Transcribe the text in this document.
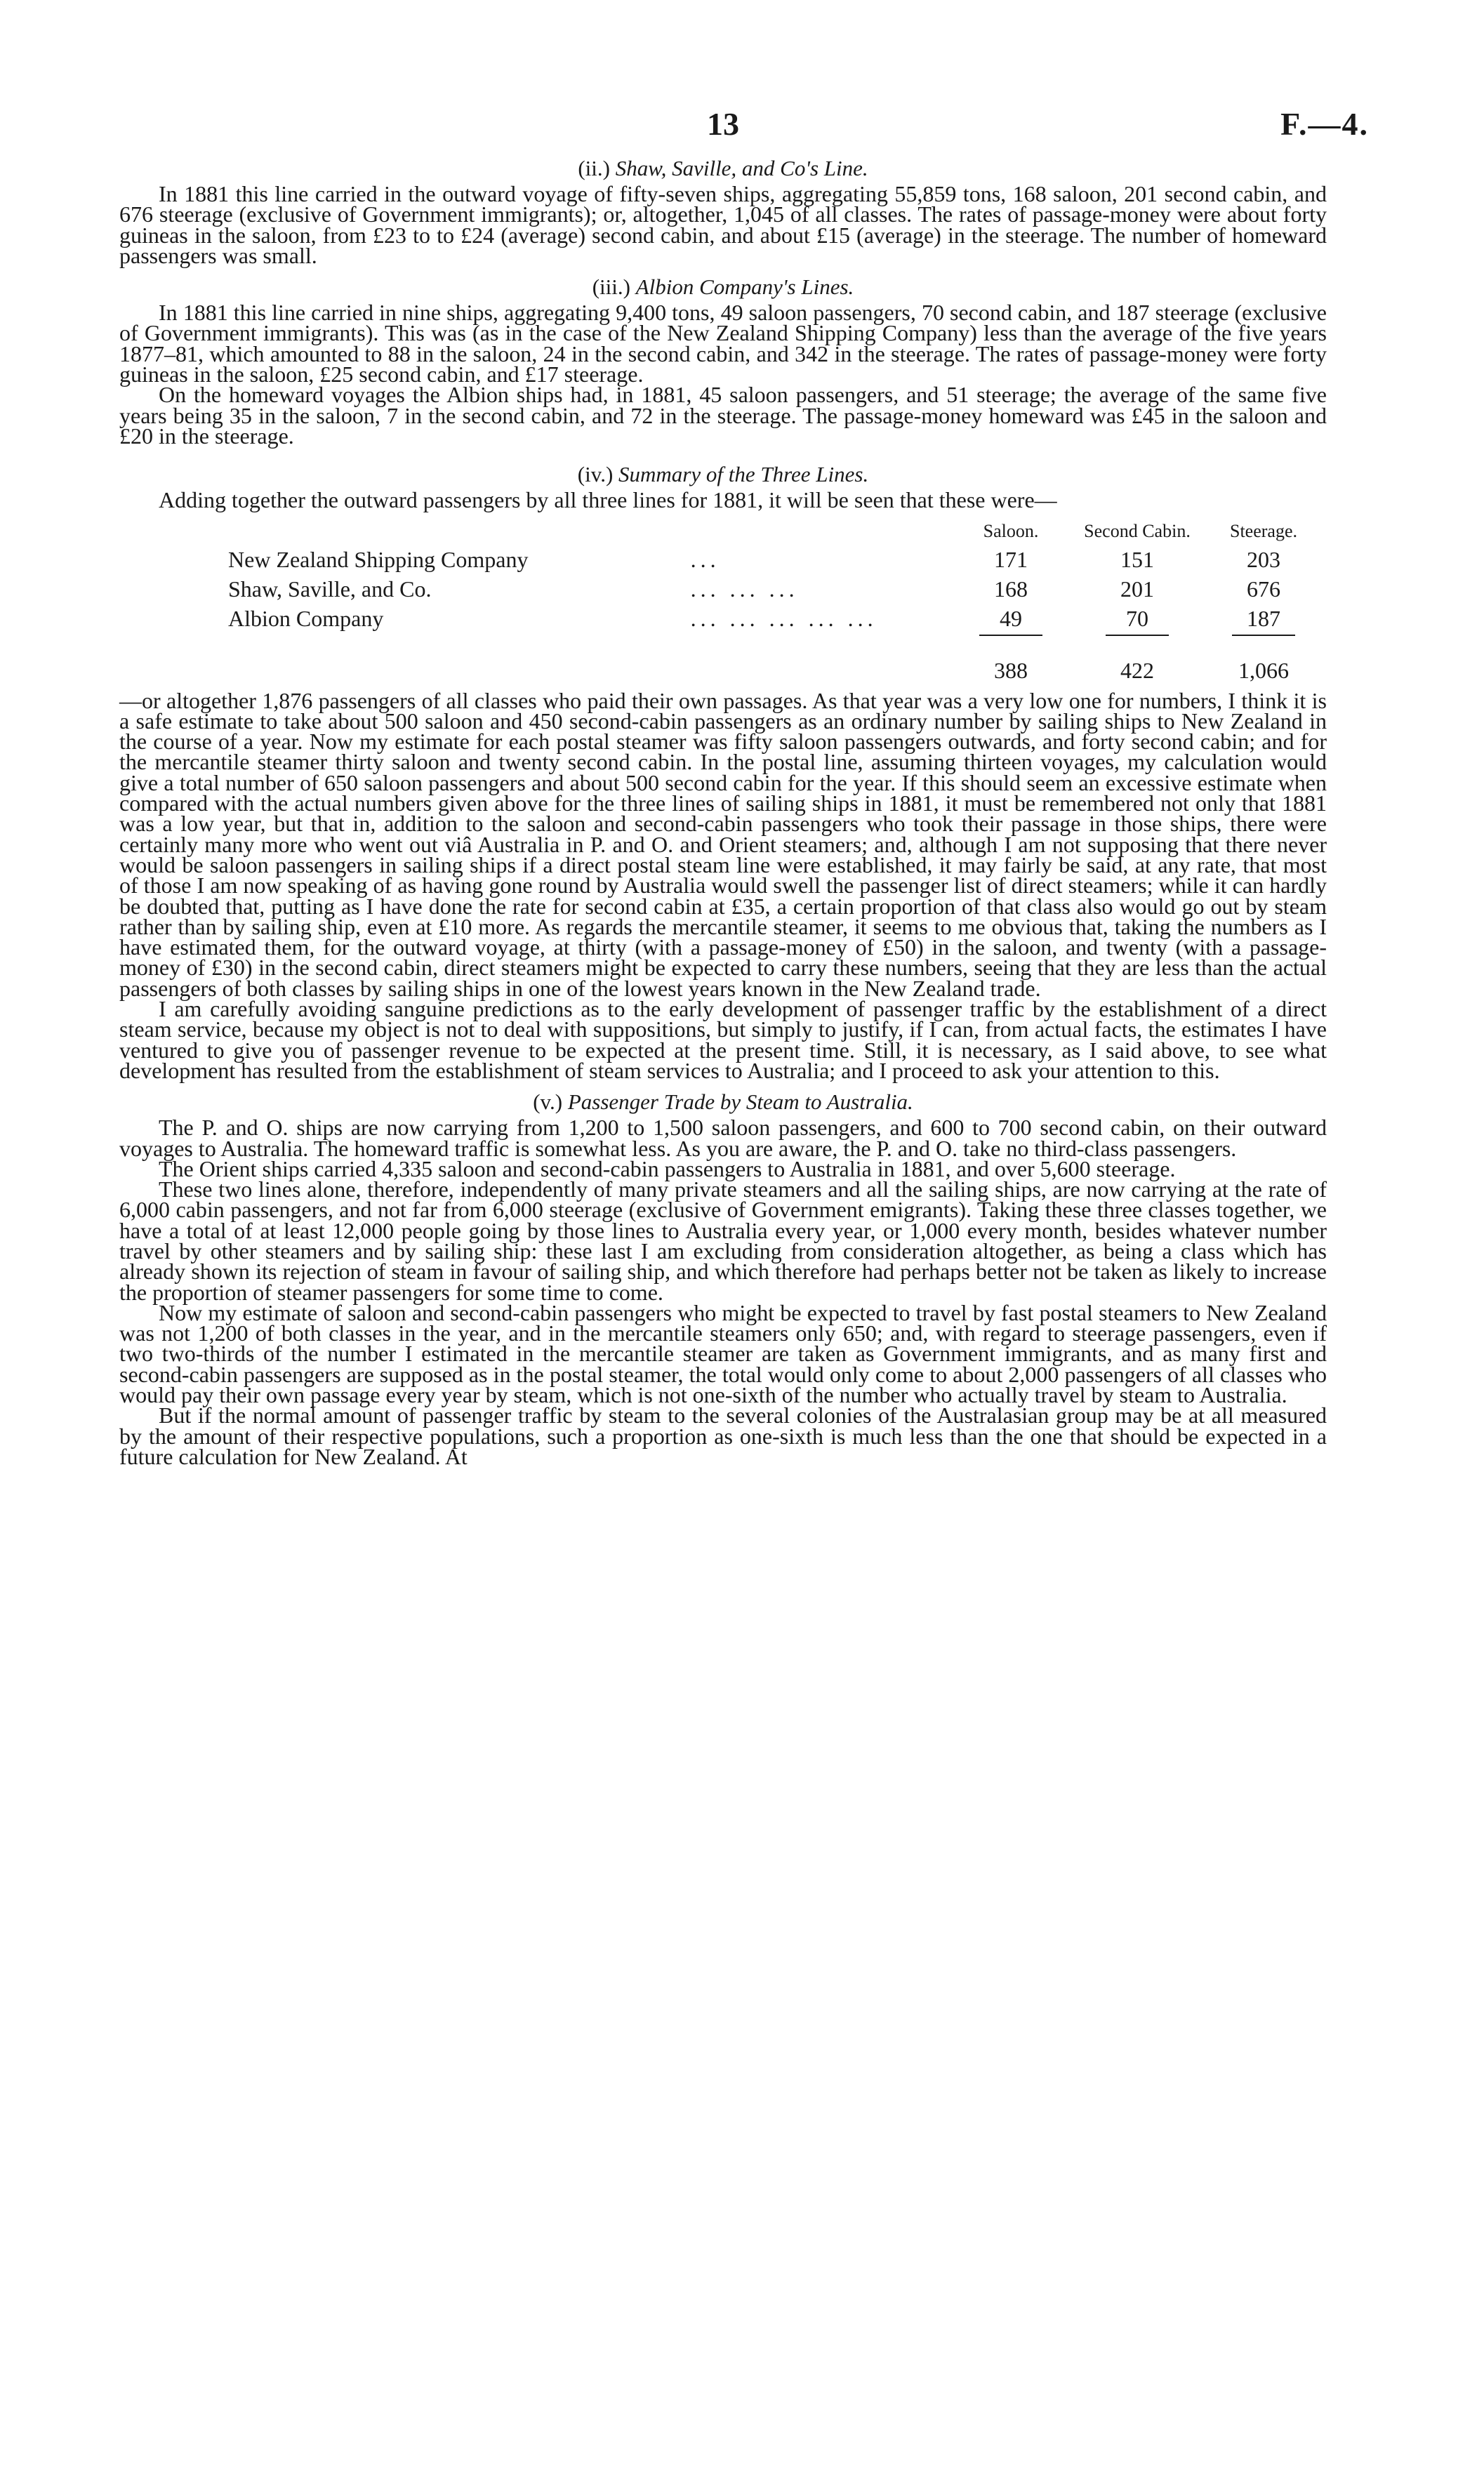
13	F.—4.
(ii.) Shaw, Saville, and Co's Line.

In 1881 this line carried in the outward voyage of fifty-seven ships, aggregating 55,859 tons, 168 saloon, 201 second cabin, and 676 steerage (exclusive of Government immigrants); or, altogether, 1,045 of all classes. The rates of passage-money were about forty guineas in the saloon, from £23 to to £24 (average) second cabin, and about £15 (average) in the steerage. The number of homeward passengers was small.

(iii.) Albion Company's Lines.

In 1881 this line carried in nine ships, aggregating 9,400 tons, 49 saloon passengers, 70 second cabin, and 187 steerage (exclusive of Government immigrants). This was (as in the case of the New Zealand Shipping Company) less than the average of the five years 1877–81, which amounted to 88 in the saloon, 24 in the second cabin, and 342 in the steerage. The rates of passage-money were forty guineas in the saloon, £25 second cabin, and £17 steerage.

On the homeward voyages the Albion ships had, in 1881, 45 saloon passengers, and 51 steerage; the average of the same five years being 35 in the saloon, 7 in the second cabin, and 72 in the steerage. The passage-money homeward was £45 in the saloon and £20 in the steerage.

(iv.) Summary of the Three Lines.

Adding together the outward passengers by all three lines for 1881, it will be seen that these were—

		Saloon.	Second Cabin.	Steerage.
New Zealand Shipping Company	...	171	151	203
Shaw, Saville, and Co.	... ... ...	168	201	676
Albion Company	... ... ... ... ...	49	70	187

		388	422	1,066

—or altogether 1,876 passengers of all classes who paid their own passages. As that year was a very low one for numbers, I think it is a safe estimate to take about 500 saloon and 450 second-cabin passengers as an ordinary number by sailing ships to New Zealand in the course of a year. Now my estimate for each postal steamer was fifty saloon passengers outwards, and forty second cabin; and for the mercantile steamer thirty saloon and twenty second cabin. In the postal line, assuming thirteen voyages, my calculation would give a total number of 650 saloon passengers and about 500 second cabin for the year. If this should seem an excessive estimate when compared with the actual numbers given above for the three lines of sailing ships in 1881, it must be remembered not only that 1881 was a low year, but that in, addition to the saloon and second-cabin passengers who took their passage in those ships, there were certainly many more who went out viâ Australia in P. and O. and Orient steamers; and, although I am not supposing that there never would be saloon passengers in sailing ships if a direct postal steam line were established, it may fairly be said, at any rate, that most of those I am now speaking of as having gone round by Australia would swell the passenger list of direct steamers; while it can hardly be doubted that, putting as I have done the rate for second cabin at £35, a certain proportion of that class also would go out by steam rather than by sailing ship, even at £10 more. As regards the mercantile steamer, it seems to me obvious that, taking the numbers as I have estimated them, for the outward voyage, at thirty (with a passage-money of £50) in the saloon, and twenty (with a passage-money of £30) in the second cabin, direct steamers might be expected to carry these numbers, seeing that they are less than the actual passengers of both classes by sailing ships in one of the lowest years known in the New Zealand trade.

I am carefully avoiding sanguine predictions as to the early development of passenger traffic by the establishment of a direct steam service, because my object is not to deal with suppositions, but simply to justify, if I can, from actual facts, the estimates I have ventured to give you of passenger revenue to be expected at the present time. Still, it is necessary, as I said above, to see what development has resulted from the establishment of steam services to Australia; and I proceed to ask your attention to this.

(v.) Passenger Trade by Steam to Australia.

The P. and O. ships are now carrying from 1,200 to 1,500 saloon passengers, and 600 to 700 second cabin, on their outward voyages to Australia. The homeward traffic is somewhat less. As you are aware, the P. and O. take no third-class passengers.

The Orient ships carried 4,335 saloon and second-cabin passengers to Australia in 1881, and over 5,600 steerage.

These two lines alone, therefore, independently of many private steamers and all the sailing ships, are now carrying at the rate of 6,000 cabin passengers, and not far from 6,000 steerage (exclusive of Government emigrants). Taking these three classes together, we have a total of at least 12,000 people going by those lines to Australia every year, or 1,000 every month, besides whatever number travel by other steamers and by sailing ship: these last I am excluding from consideration altogether, as being a class which has already shown its rejection of steam in favour of sailing ship, and which therefore had perhaps better not be taken as likely to increase the proportion of steamer passengers for some time to come.

Now my estimate of saloon and second-cabin passengers who might be expected to travel by fast postal steamers to New Zealand was not 1,200 of both classes in the year, and in the mercantile steamers only 650; and, with regard to steerage passengers, even if two two-thirds of the number I estimated in the mercantile steamer are taken as Government immigrants, and as many first and second-cabin passengers are supposed as in the postal steamer, the total would only come to about 2,000 passengers of all classes who would pay their own passage every year by steam, which is not one-sixth of the number who actually travel by steam to Australia.

But if the normal amount of passenger traffic by steam to the several colonies of the Australasian group may be at all measured by the amount of their respective populations, such a proportion as one-sixth is much less than the one that should be expected in a future calculation for New Zealand. At
